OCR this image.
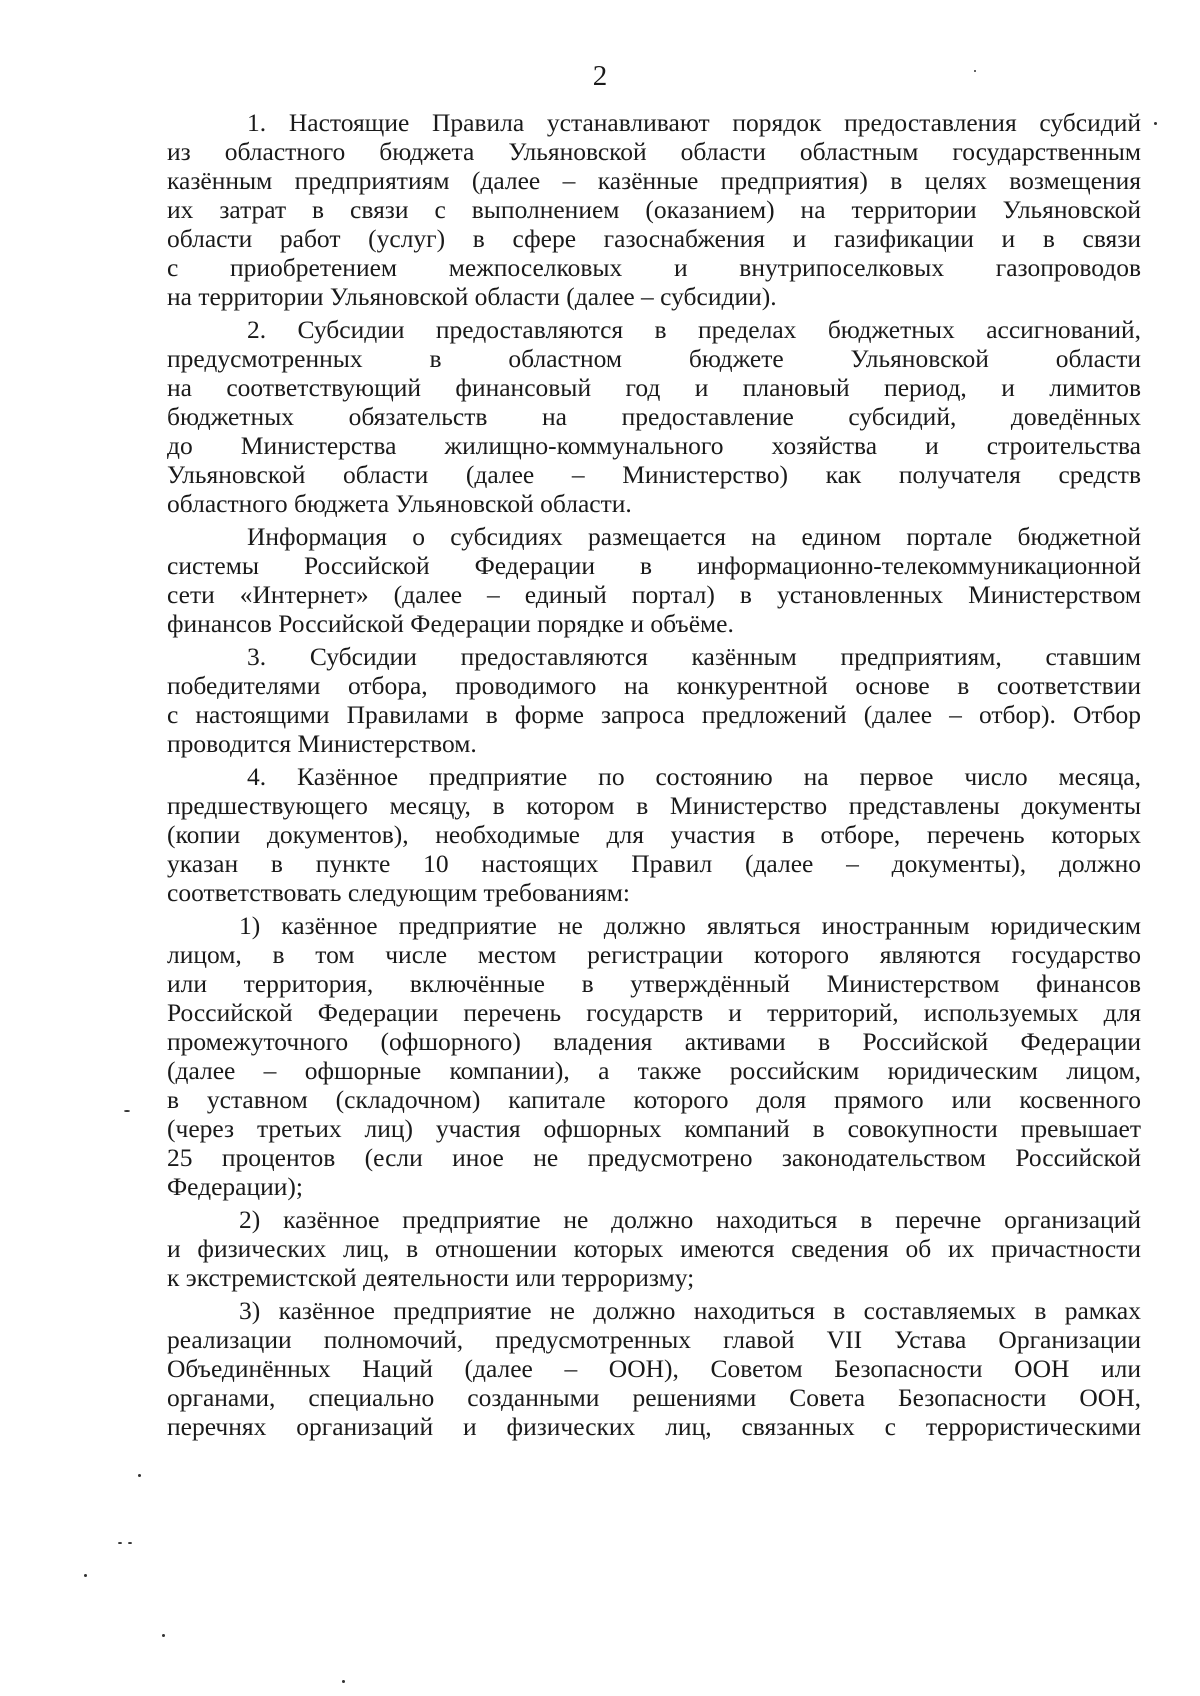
2
1. Настоящие Правила устанавливают порядок предоставления субсидий
из областного бюджета Ульяновской области областным государственным
казённым предприятиям (далее – казённые предприятия) в целях возмещения
их затрат в связи с выполнением (оказанием) на территории Ульяновской
области работ (услуг) в сфере газоснабжения и газификации и в связи
с приобретением межпоселковых и внутрипоселковых газопроводов
на территории Ульяновской области (далее – субсидии).
2. Субсидии предоставляются в пределах бюджетных ассигнований,
предусмотренных в областном бюджете Ульяновской области
на соответствующий финансовый год и плановый период, и лимитов
бюджетных обязательств на предоставление субсидий, доведённых
до Министерства жилищно-коммунального хозяйства и строительства
Ульяновской области (далее – Министерство) как получателя средств
областного бюджета Ульяновской области.
Информация о субсидиях размещается на едином портале бюджетной
системы Российской Федерации в информационно-телекоммуникационной
сети «Интернет» (далее – единый портал) в установленных Министерством
финансов Российской Федерации порядке и объёме.
3. Субсидии предоставляются казённым предприятиям, ставшим
победителями отбора, проводимого на конкурентной основе в соответствии
с настоящими Правилами в форме запроса предложений (далее – отбор). Отбор
проводится Министерством.
4. Казённое предприятие по состоянию на первое число месяца,
предшествующего месяцу, в котором в Министерство представлены документы
(копии документов), необходимые для участия в отборе, перечень которых
указан в пункте 10 настоящих Правил (далее – документы), должно
соответствовать следующим требованиям:
1) казённое предприятие не должно являться иностранным юридическим
лицом, в том числе местом регистрации которого являются государство
или территория, включённые в утверждённый Министерством финансов
Российской Федерации перечень государств и территорий, используемых для
промежуточного (офшорного) владения активами в Российской Федерации
(далее – офшорные компании), а также российским юридическим лицом,
в уставном (складочном) капитале которого доля прямого или косвенного
(через третьих лиц) участия офшорных компаний в совокупности превышает
25 процентов (если иное не предусмотрено законодательством Российской
Федерации);
2) казённое предприятие не должно находиться в перечне организаций
и физических лиц, в отношении которых имеются сведения об их причастности
к экстремистской деятельности или терроризму;
3) казённое предприятие не должно находиться в составляемых в рамках
реализации полномочий, предусмотренных главой VII Устава Организации
Объединённых Наций (далее – ООН), Советом Безопасности ООН или
органами, специально созданными решениями Совета Безопасности ООН,
перечнях организаций и физических лиц, связанных с террористическими
